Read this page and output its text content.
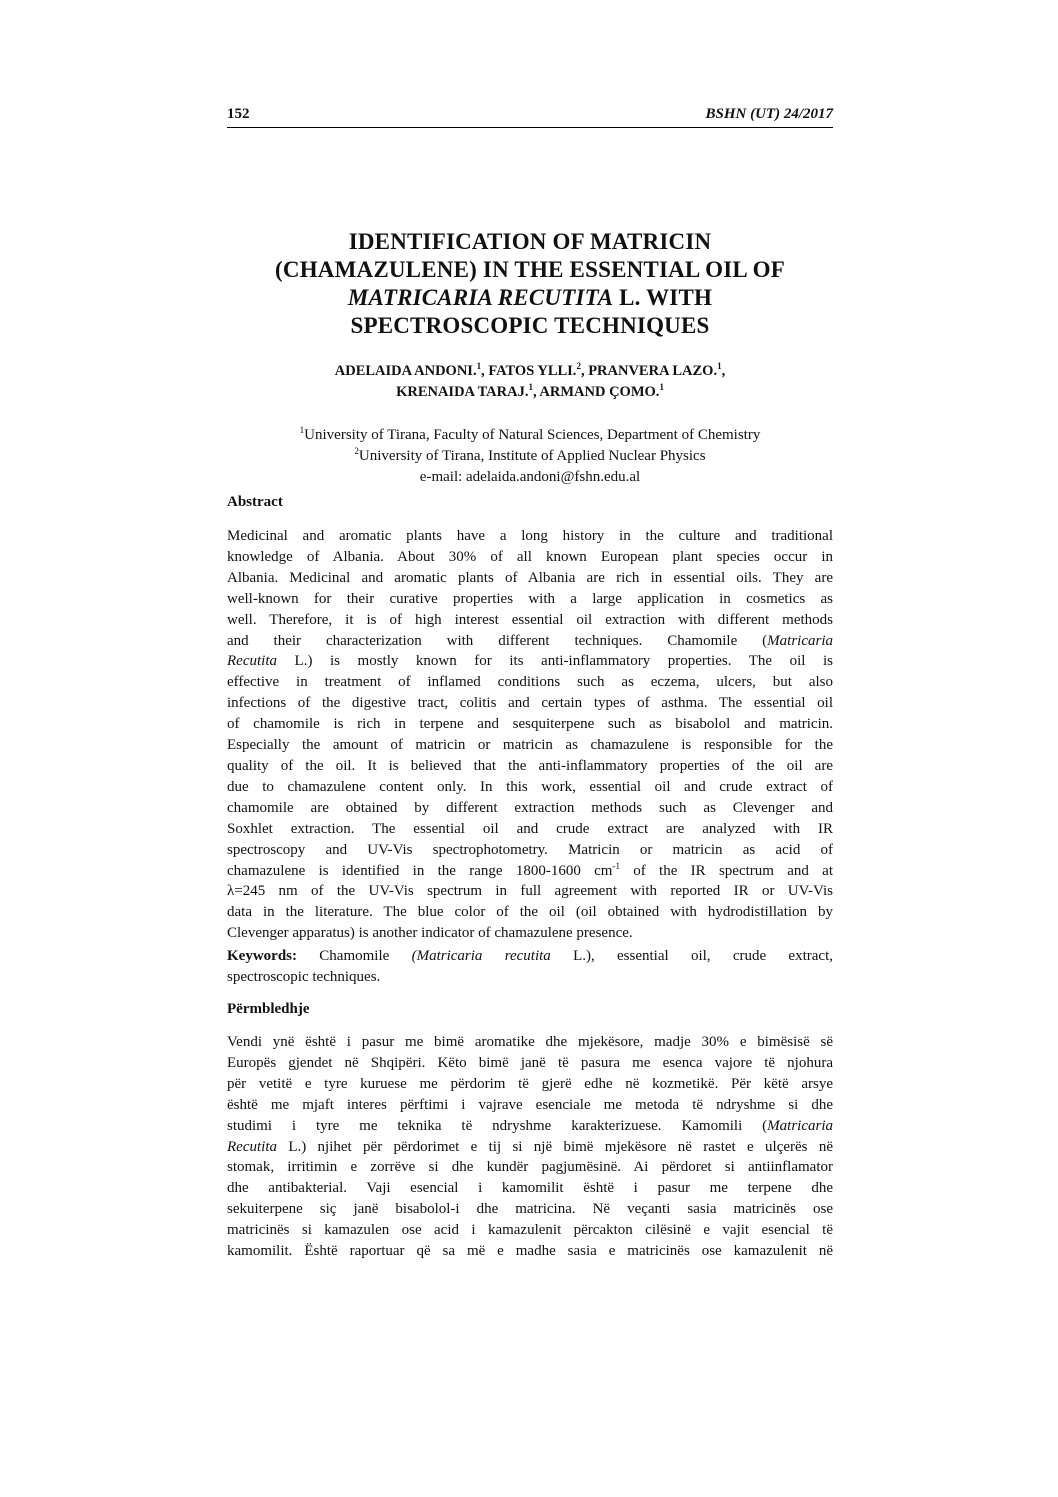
152	BSHN (UT) 24/2017
IDENTIFICATION OF MATRICIN
(CHAMAZULENE) IN THE ESSENTIAL OIL OF
MATRICARIA RECUTITA L. WITH
SPECTROSCOPIC TECHNIQUES
ADELAIDA ANDONI.$^1$, FATOS YLLI.$^2$, PRANVERA LAZO.$^1$,
KRENAIDA TARAJ.$^1$, ARMAND ÇOMO.$^1$
$^1$University of Tirana, Faculty of Natural Sciences, Department of Chemistry
$^2$University of Tirana, Institute of Applied Nuclear Physics
e-mail: adelaida.andoni@fshn.edu.al
Abstract
Medicinal and aromatic plants have a long history in the culture and traditional
knowledge of Albania. About 30% of all known European plant species occur in
Albania. Medicinal and aromatic plants of Albania are rich in essential oils. They are
well-known for their curative properties with a large application in cosmetics as
well. Therefore, it is of high interest essential oil extraction with different methods
and their characterization with different techniques. Chamomile (Matricaria
Recutita L.) is mostly known for its anti-inflammatory properties. The oil is
effective in treatment of inflamed conditions such as eczema, ulcers, but also
infections of the digestive tract, colitis and certain types of asthma. The essential oil
of chamomile is rich in terpene and sesquiterpene such as bisabolol and matricin.
Especially the amount of matricin or matricin as chamazulene is responsible for the
quality of the oil. It is believed that the anti-inflammatory properties of the oil are
due to chamazulene content only. In this work, essential oil and crude extract of
chamomile are obtained by different extraction methods such as Clevenger and
Soxhlet extraction. The essential oil and crude extract are analyzed with IR
spectroscopy and UV-Vis spectrophotometry. Matricin or matricin as acid of
chamazulene is identified in the range 1800-1600 $cm^{-1}$ of the IR spectrum and at
λ=245 nm of the UV-Vis spectrum in full agreement with reported IR or UV-Vis
data in the literature. The blue color of the oil (oil obtained with hydrodistillation by
Clevenger apparatus) is another indicator of chamazulene presence.
Keywords: Chamomile (Matricaria recutita L.), essential oil, crude extract,
spectroscopic techniques.
Përmbledhje
Vendi ynë është i pasur me bimë aromatike dhe mjekësore, madje 30% e bimësisë së
Europës gjendet në Shqipëri. Këto bimë janë të pasura me esenca vajore të njohura
për vetitë e tyre kuruese me përdorim të gjerë edhe në kozmetikë. Për këtë arsye
është me mjaft interes përftimi i vajrave esenciale me metoda të ndryshme si dhe
studimi i tyre me teknika të ndryshme karakterizuese. Kamomili (Matricaria
Recutita L.) njihet për përdorimet e tij si një bimë mjekësore në rastet e ulçerës në
stomak, irritimin e zorrëve si dhe kundër pagjumësinë. Ai përdoret si antiinflamator
dhe antibakterial. Vaji esencial i kamomilit është i pasur me terpene dhe
sekuiterpene siç janë bisabolol-i dhe matricina. Në veçanti sasia matricinës ose
matricinës si kamazulen ose acid i kamazulenit përcakton cilësinë e vajit esencial të
kamomilit. Është raportuar që sa më e madhe sasia e matricinës ose kamazulenit në
